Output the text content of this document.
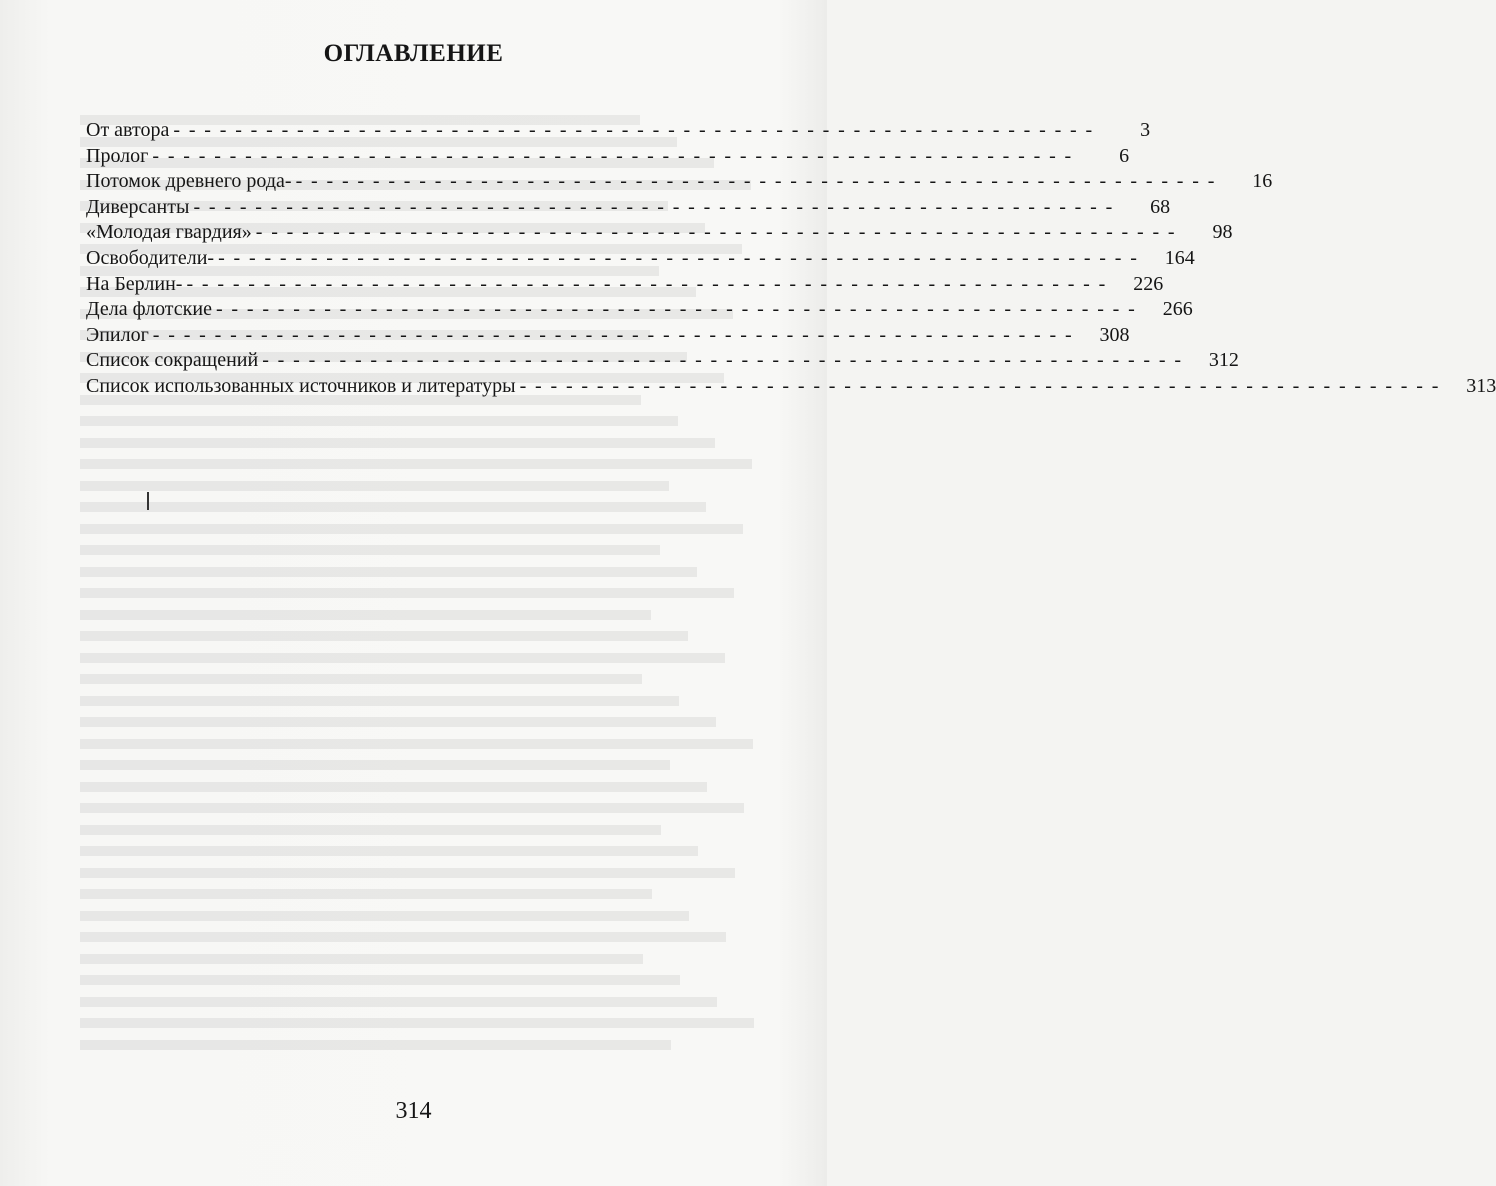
ОГЛАВЛЕНИЕ
От автора - - - - - - - - - - - - - - - - - - - - - - - - - - - - - - - - - - - - - - - - - - - - - - - - - - - - - - - - - - - -	3
Пролог - - - - - - - - - - - - - - - - - - - - - - - - - - - - - - - - - - - - - - - - - - - - - - - - - - - - - - - - - - - -	6
Потомок древнего рода- - - - - - - - - - - - - - - - - - - - - - - - - - - - - - - - - - - - - - - - - - - - - - - - - - - - - - - - - - - - -	16
Диверсанты - - - - - - - - - - - - - - - - - - - - - - - - - - - - - - - - - - - - - - - - - - - - - - - - - - - - - - - - - - - -	68
«Молодая гвардия» - - - - - - - - - - - - - - - - - - - - - - - - - - - - - - - - - - - - - - - - - - - - - - - - - - - - - - - - - - - -	98
Освободители- - - - - - - - - - - - - - - - - - - - - - - - - - - - - - - - - - - - - - - - - - - - - - - - - - - - - - - - - - - - -	164
На Берлин- - - - - - - - - - - - - - - - - - - - - - - - - - - - - - - - - - - - - - - - - - - - - - - - - - - - - - - - - - - - -	226
Дела флотские - - - - - - - - - - - - - - - - - - - - - - - - - - - - - - - - - - - - - - - - - - - - - - - - - - - - - - - - - - - -	266
Эпилог - - - - - - - - - - - - - - - - - - - - - - - - - - - - - - - - - - - - - - - - - - - - - - - - - - - - - - - - - - - -	308
Список сокращений - - - - - - - - - - - - - - - - - - - - - - - - - - - - - - - - - - - - - - - - - - - - - - - - - - - - - - - - - - - -	312
Список использованных источников и литературы - - - - - - - - - - - - - - - - - - - - - - - - - - - - - - - - - - - - - - - - - - - - - - - - - - - - - - - - - - - -	313
314
